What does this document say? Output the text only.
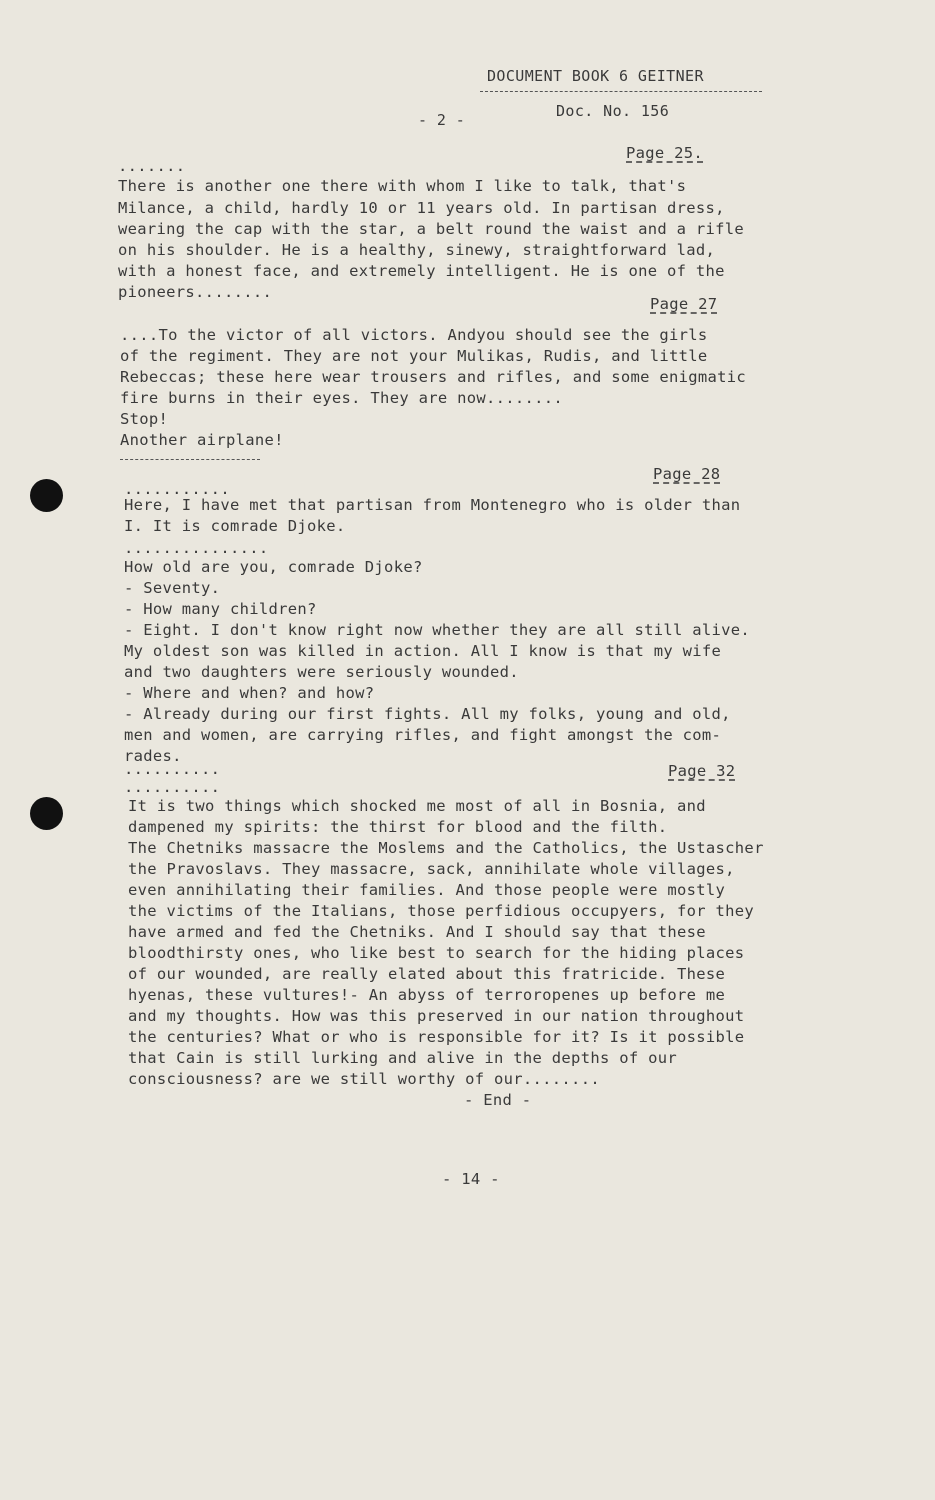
DOCUMENT BOOK 6 GEITNER

- 2 -	Doc. No. 156

Page 25.

.......

There is another one there with whom I like to talk, that's

Milance, a child, hardly 10 or 11 years old. In partisan dress,

wearing the cap with the star, a belt round the waist and a rifle

on his shoulder. He is a healthy, sinewy, straightforward lad,

with a honest face, and extremely intelligent. He is one of the

pioneers........

Page 27

....To the victor of all victors. Andyou should see the girls

of the regiment. They are not your Mulikas, Rudis, and little

Rebeccas; these here wear trousers and rifles, and some enigmatic

fire burns in their eyes. They are now........

Stop!

Another airplane!

Page 28

...........

Here, I have met that partisan from Montenegro who is older than

I. It is comrade Djoke.

...............

How old are you, comrade Djoke?

- Seventy.

- How many children?

- Eight. I don't know right now whether they are all still alive.

My oldest son was killed in action. All I know is that my wife

and two daughters were seriously wounded.

- Where and when? and how?

- Already during our first fights. All my folks, young and old,

men and women, are carrying rifles, and fight amongst the com-

rades.

..........

..........

Page 32

It is two things which shocked me most of all in Bosnia, and

dampened my spirits: the thirst for blood and the filth.

The Chetniks massacre the Moslems and the Catholics, the Ustascher

the Pravoslavs. They massacre, sack, annihilate whole villages,

even annihilating their families. And those people were mostly

the victims of the Italians, those perfidious occupyers, for they

have armed and fed the Chetniks. And I should say that these

bloodthirsty ones, who like best to search for the hiding places

of our wounded, are really elated about this fratricide. These

hyenas, these vultures!- An abyss of terroropenes up before me

and my thoughts. How was this preserved in our nation throughout

the centuries? What or who is responsible for it? Is it possible

that Cain is still lurking and alive in the depths of our

consciousness? are we still worthy of our........

- End -

- 14 -
